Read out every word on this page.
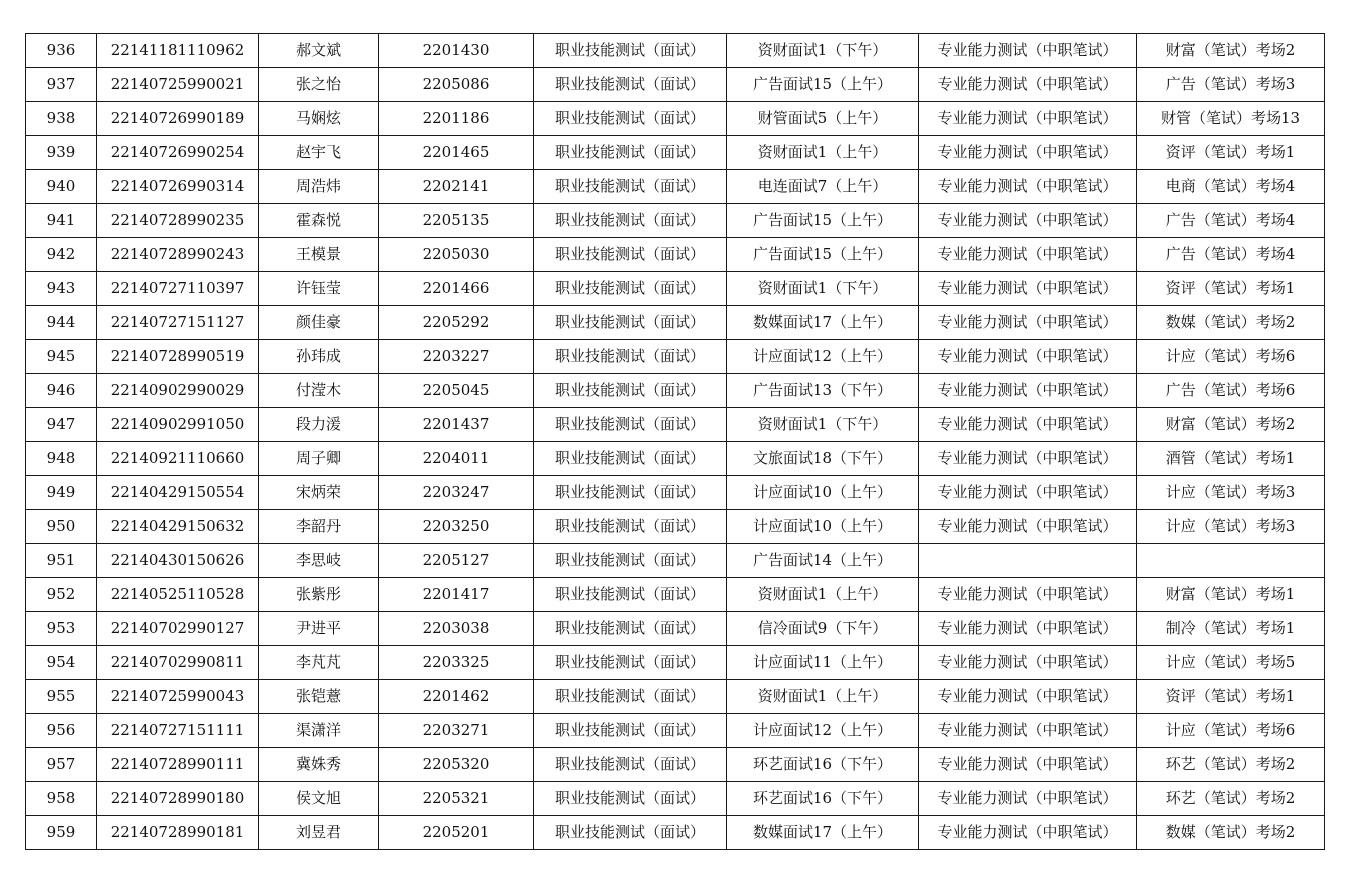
936	22141181110962	郝文斌	2201430	职业技能测试（面试）	资财面试1（下午）	专业能力测试（中职笔试）	财富（笔试）考场2
937	22140725990021	张之怡	2205086	职业技能测试（面试）	广告面试15（上午）	专业能力测试（中职笔试）	广告（笔试）考场3
938	22140726990189	马娴炫	2201186	职业技能测试（面试）	财管面试5（上午）	专业能力测试（中职笔试）	财管（笔试）考场13
939	22140726990254	赵宇飞	2201465	职业技能测试（面试）	资财面试1（上午）	专业能力测试（中职笔试）	资评（笔试）考场1
940	22140726990314	周浩炜	2202141	职业技能测试（面试）	电连面试7（上午）	专业能力测试（中职笔试）	电商（笔试）考场4
941	22140728990235	霍森悦	2205135	职业技能测试（面试）	广告面试15（上午）	专业能力测试（中职笔试）	广告（笔试）考场4
942	22140728990243	王模景	2205030	职业技能测试（面试）	广告面试15（上午）	专业能力测试（中职笔试）	广告（笔试）考场4
943	22140727110397	许钰莹	2201466	职业技能测试（面试）	资财面试1（下午）	专业能力测试（中职笔试）	资评（笔试）考场1
944	22140727151127	颜佳豪	2205292	职业技能测试（面试）	数媒面试17（上午）	专业能力测试（中职笔试）	数媒（笔试）考场2
945	22140728990519	孙玮成	2203227	职业技能测试（面试）	计应面试12（上午）	专业能力测试（中职笔试）	计应（笔试）考场6
946	22140902990029	付滢木	2205045	职业技能测试（面试）	广告面试13（下午）	专业能力测试（中职笔试）	广告（笔试）考场6
947	22140902991050	段力湲	2201437	职业技能测试（面试）	资财面试1（下午）	专业能力测试（中职笔试）	财富（笔试）考场2
948	22140921110660	周子卿	2204011	职业技能测试（面试）	文旅面试18（下午）	专业能力测试（中职笔试）	酒管（笔试）考场1
949	22140429150554	宋炳荣	2203247	职业技能测试（面试）	计应面试10（上午）	专业能力测试（中职笔试）	计应（笔试）考场3
950	22140429150632	李韶丹	2203250	职业技能测试（面试）	计应面试10（上午）	专业能力测试（中职笔试）	计应（笔试）考场3
951	22140430150626	李思岐	2205127	职业技能测试（面试）	广告面试14（上午）		
952	22140525110528	张紫彤	2201417	职业技能测试（面试）	资财面试1（上午）	专业能力测试（中职笔试）	财富（笔试）考场1
953	22140702990127	尹进平	2203038	职业技能测试（面试）	信冷面试9（下午）	专业能力测试（中职笔试）	制冷（笔试）考场1
954	22140702990811	李芃芃	2203325	职业技能测试（面试）	计应面试11（上午）	专业能力测试（中职笔试）	计应（笔试）考场5
955	22140725990043	张铠薏	2201462	职业技能测试（面试）	资财面试1（上午）	专业能力测试（中职笔试）	资评（笔试）考场1
956	22140727151111	渠潇洋	2203271	职业技能测试（面试）	计应面试12（上午）	专业能力测试（中职笔试）	计应（笔试）考场6
957	22140728990111	冀姝秀	2205320	职业技能测试（面试）	环艺面试16（下午）	专业能力测试（中职笔试）	环艺（笔试）考场2
958	22140728990180	侯文旭	2205321	职业技能测试（面试）	环艺面试16（下午）	专业能力测试（中职笔试）	环艺（笔试）考场2
959	22140728990181	刘昱君	2205201	职业技能测试（面试）	数媒面试17（上午）	专业能力测试（中职笔试）	数媒（笔试）考场2
